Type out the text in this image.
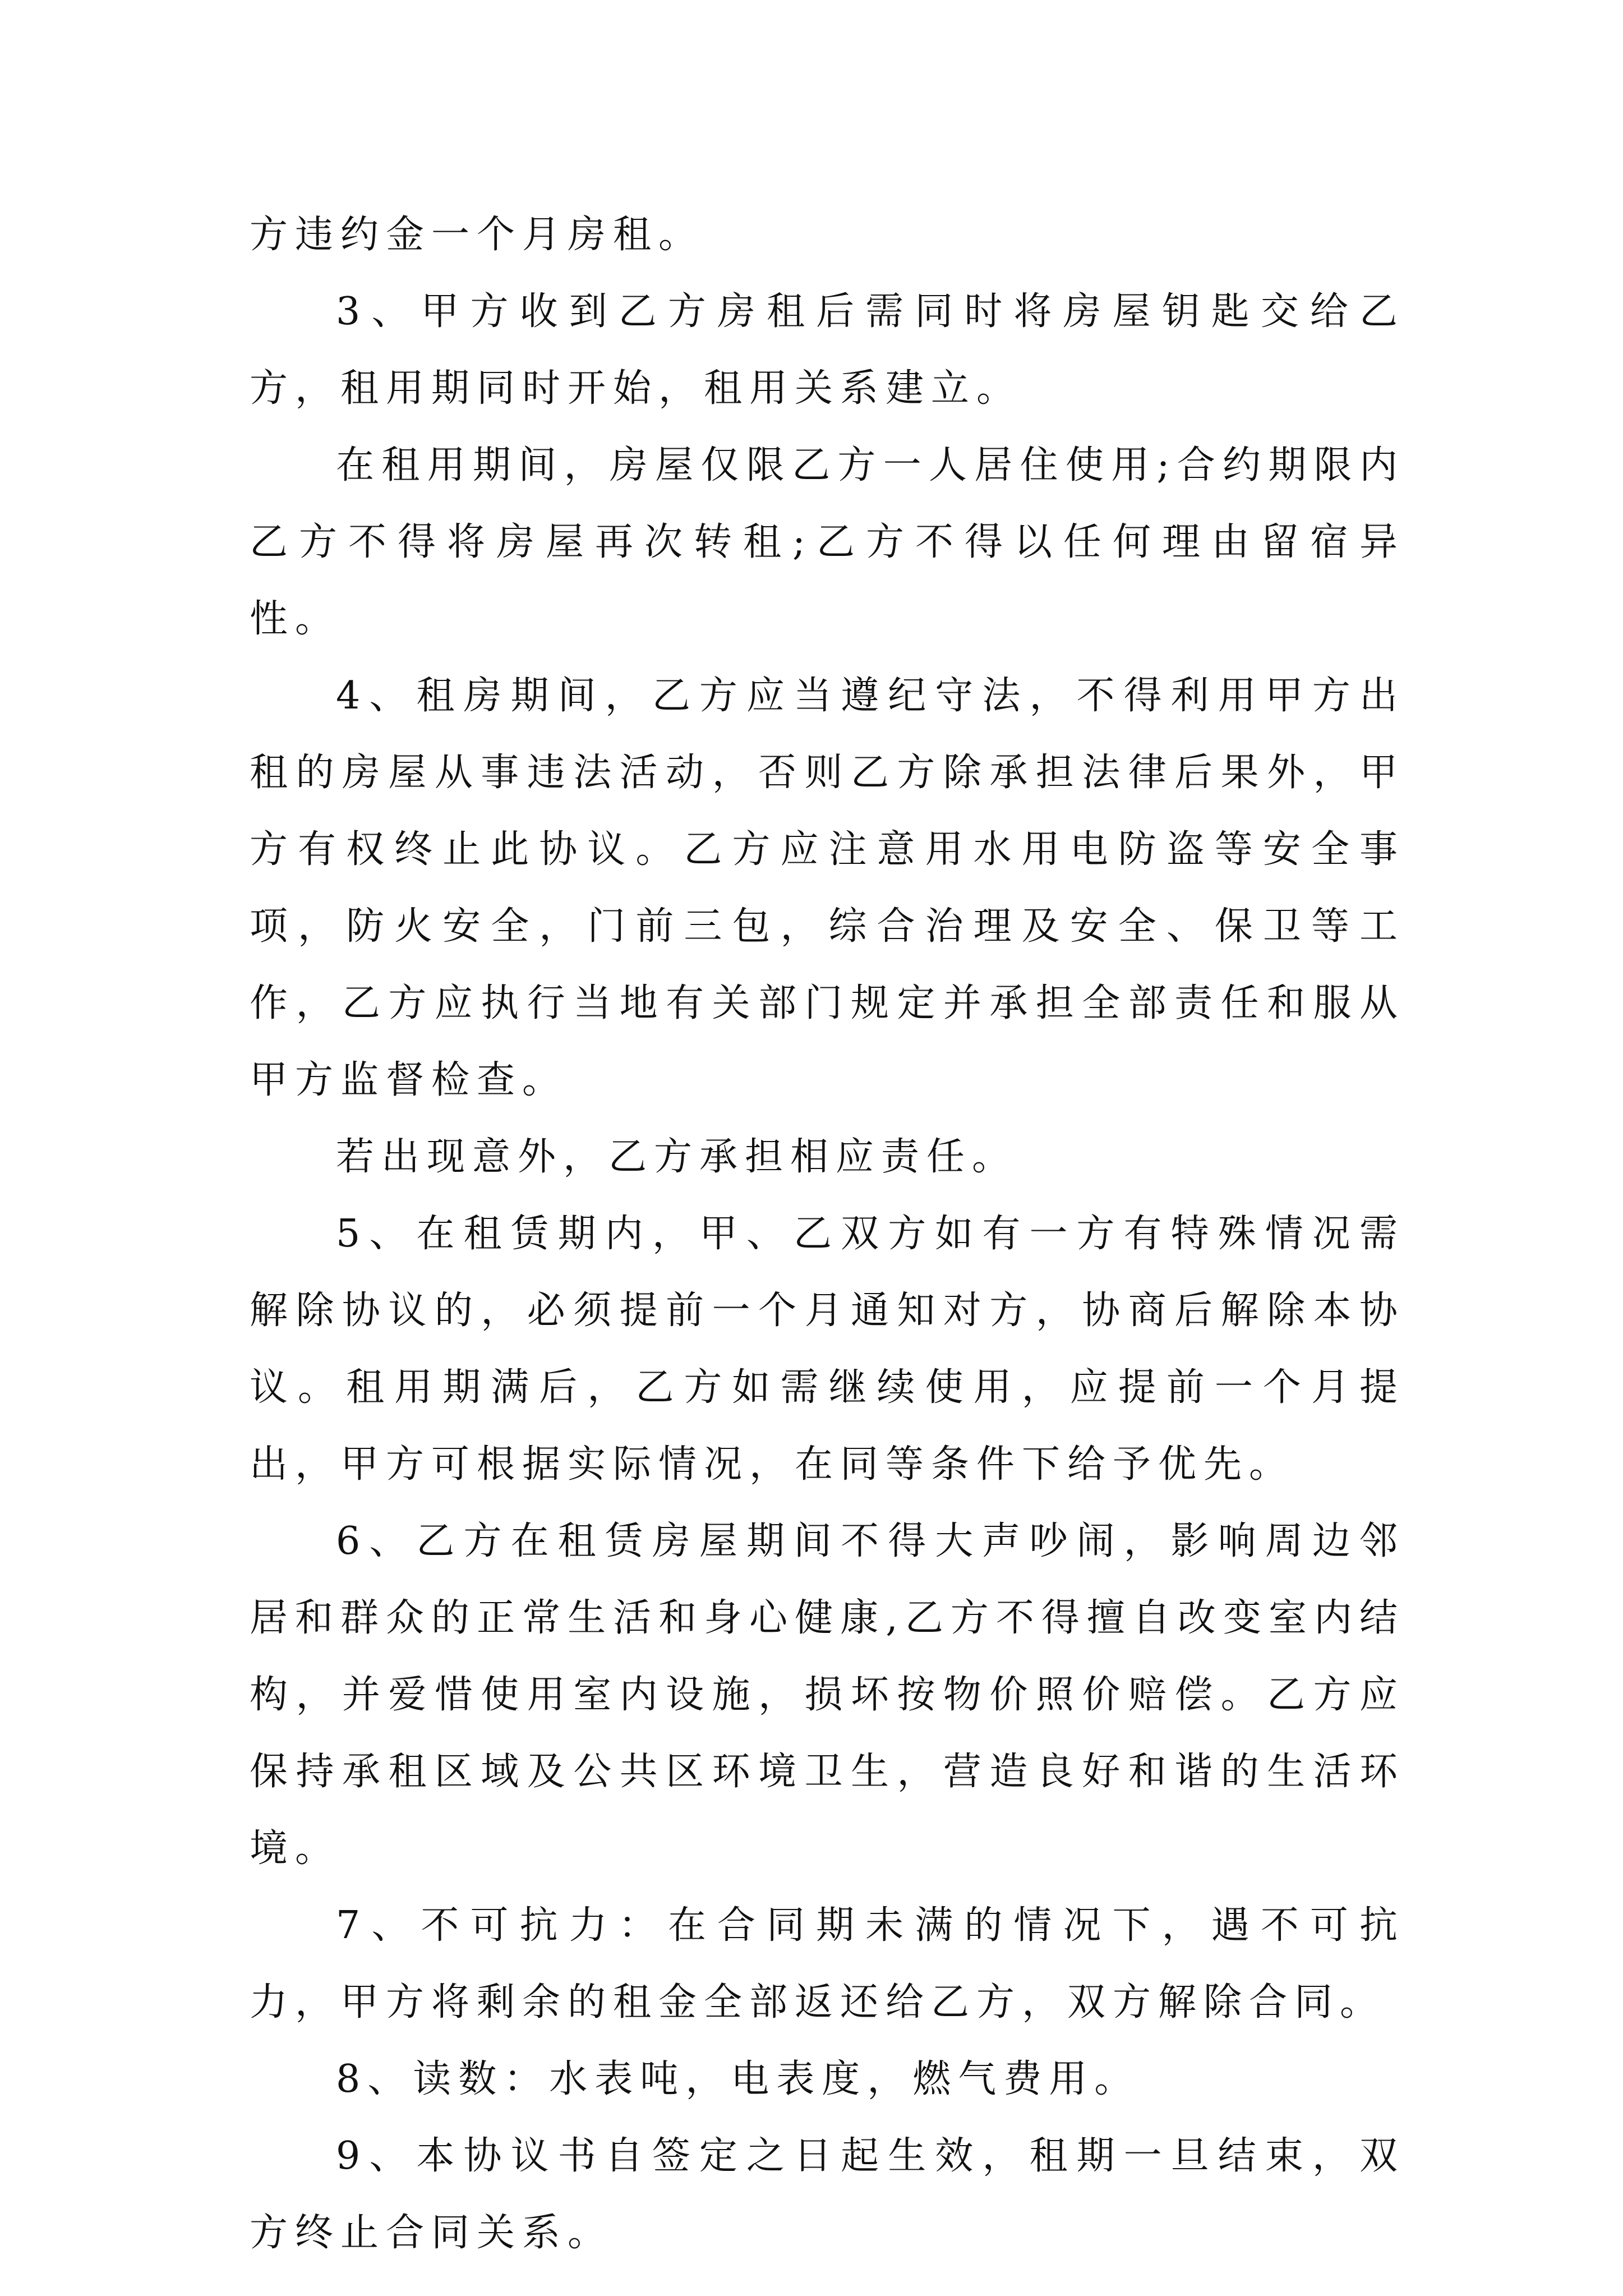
方违约金一个月房租。

3、甲方收到乙方房租后需同时将房屋钥匙交给乙方，租用期同时开始，租用关系建立。

在租用期间，房屋仅限乙方一人居住使用;合约期限内乙方不得将房屋再次转租;乙方不得以任何理由留宿异性。

4、租房期间，乙方应当遵纪守法，不得利用甲方出租的房屋从事违法活动，否则乙方除承担法律后果外，甲方有权终止此协议。乙方应注意用水用电防盗等安全事项，防火安全，门前三包，综合治理及安全、保卫等工作，乙方应执行当地有关部门规定并承担全部责任和服从甲方监督检查。

若出现意外，乙方承担相应责任。

5、在租赁期内，甲、乙双方如有一方有特殊情况需解除协议的，必须提前一个月通知对方，协商后解除本协议。租用期满后，乙方如需继续使用，应提前一个月提出，甲方可根据实际情况，在同等条件下给予优先。

6、乙方在租赁房屋期间不得大声吵闹，影响周边邻居和群众的正常生活和身心健康,乙方不得擅自改变室内结构，并爱惜使用室内设施，损坏按物价照价赔偿。乙方应保持承租区域及公共区环境卫生，营造良好和谐的生活环境。

7、不可抗力：在合同期未满的情况下，遇不可抗力，甲方将剩余的租金全部返还给乙方，双方解除合同。

8、读数：水表吨，电表度，燃气费用。

9、本协议书自签定之日起生效，租期一旦结束，双方终止合同关系。
